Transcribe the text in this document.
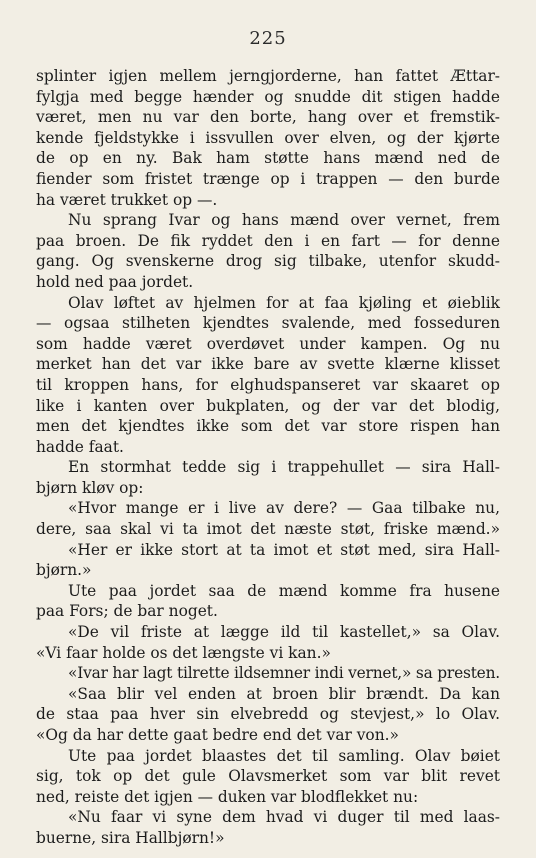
225
splinter igjen mellem jerngjorderne, han fattet Ættar-
fylgja med begge hænder og snudde dit stigen hadde
været, men nu var den borte, hang over et fremstik-
kende fjeldstykke i issvullen over elven, og der kjørte
de op en ny. Bak ham støtte hans mænd ned de
fiender som fristet trænge op i trappen — den burde
ha været trukket op —.
Nu sprang Ivar og hans mænd over vernet, frem
paa broen. De fik ryddet den i en fart — for denne
gang. Og svenskerne drog sig tilbake, utenfor skudd-
hold ned paa jordet.
Olav løftet av hjelmen for at faa kjøling et øieblik
— ogsaa stilheten kjendtes svalende, med fosseduren
som hadde været overdøvet under kampen. Og nu
merket han det var ikke bare av svette klærne klisset
til kroppen hans, for elghudspanseret var skaaret op
like i kanten over bukplaten, og der var det blodig,
men det kjendtes ikke som det var store rispen han
hadde faat.
En stormhat tedde sig i trappehullet — sira Hall-
bjørn kløv op:
«Hvor mange er i live av dere? — Gaa tilbake nu,
dere, saa skal vi ta imot det næste støt, friske mænd.»
«Her er ikke stort at ta imot et støt med, sira Hall-
bjørn.»
Ute paa jordet saa de mænd komme fra husene
paa Fors; de bar noget.
«De vil friste at lægge ild til kastellet,» sa Olav.
«Vi faar holde os det længste vi kan.»
«Ivar har lagt tilrette ildsemner indi vernet,» sa presten.
«Saa blir vel enden at broen blir brændt. Da kan
de staa paa hver sin elvebredd og stevjest,» lo Olav.
«Og da har dette gaat bedre end det var von.»
Ute paa jordet blaastes det til samling. Olav bøiet
sig, tok op det gule Olavsmerket som var blit revet
ned, reiste det igjen — duken var blodflekket nu:
«Nu faar vi syne dem hvad vi duger til med laas-
buerne, sira Hallbjørn!»
